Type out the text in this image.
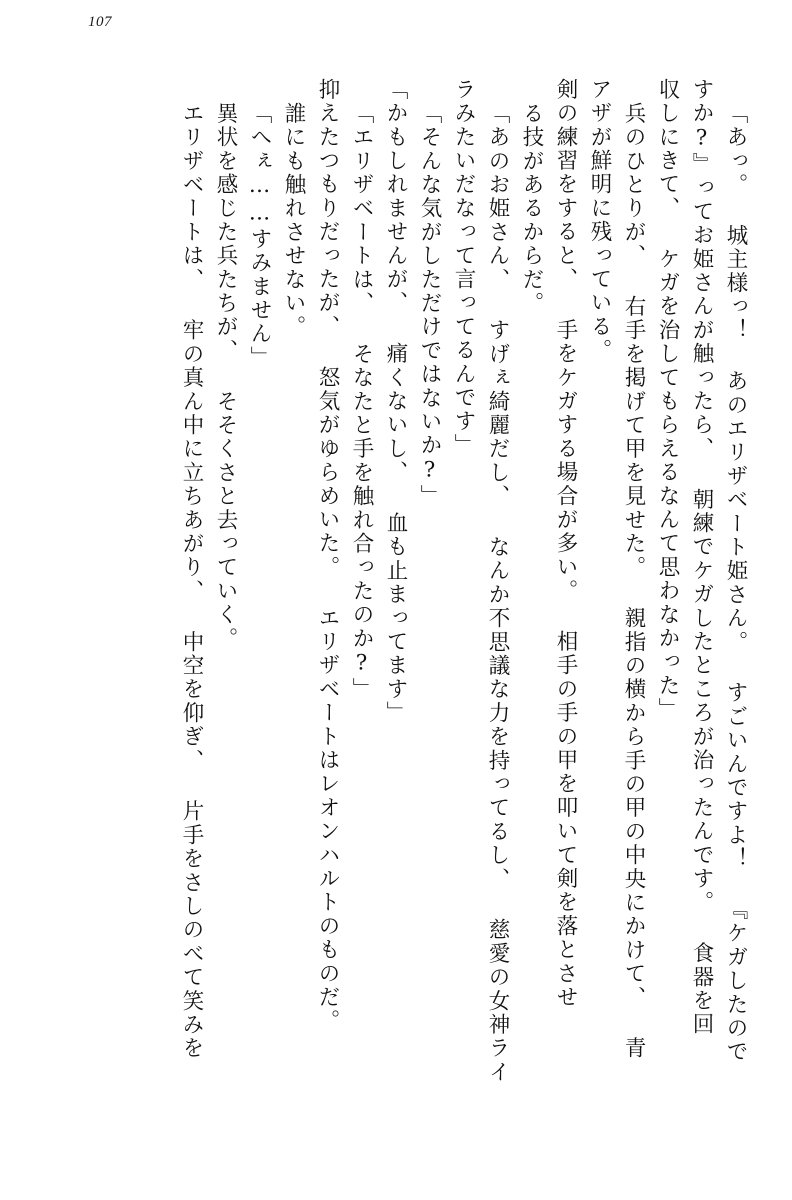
107
「あっ。 城主様っ！ あのエリザベート姫さん。 すごいんですよ！ 『ケガしたので
すか?』ってお姫さんが触ったら、 朝練でケガしたところが治ったんです。 食器を回
収しにきて、 ケガを治してもらえるなんて思わなかった」
兵のひとりが、 右手を掲げて甲を見せた。 親指の横から手の甲の中央にかけて、 青
アザが鮮明に残っている。
剣の練習をすると、 手をケガする場合が多い。 相手の手の甲を叩いて剣を落とさせ
る技があるからだ。
「あのお姫さん、 すげぇ綺麗だし、 なんか不思議な力を持ってるし、 慈愛の女神ライ
ラみたいだなって言ってるんです」
「そんな気がしただけではないか?」
「かもしれませんが、 痛くないし、 血も止まってます」
「エリザベートは、 そなたと手を触れ合ったのか?」
抑えたつもりだったが、 怒気がゆらめいた。 エリザベートはレオンハルトのものだ。
誰にも触れさせない。
「へぇ……すみません」
異状を感じた兵たちが、 そそくさと去っていく。
エリザベートは、 牢の真ん中に立ちあがり、 中空を仰ぎ、 片手をさしのべて笑みを
